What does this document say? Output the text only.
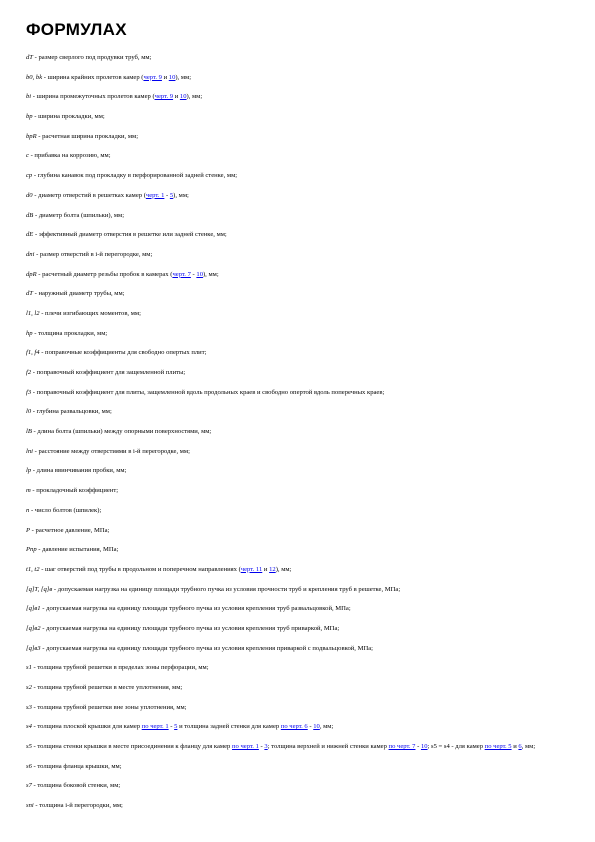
ФОРМУЛАХ
dT - размер сверлого под продувки труб, мм;
b0, bk - ширина крайних пролетов камер (черт. 9 и 10), мм;
bi - ширина промежуточных пролетов камер (черт. 9 и 10), мм;
bp - ширина прокладки, мм;
bpR - расчетная ширина прокладки, мм;
c - прибавка на коррозию, мм;
cp - глубина канавок под прокладку в перфорированной задней стенке, мм;
d0 - диаметр отверстий в решетках камер (черт. 1 - 5), мм;
dB - диаметр болта (шпильки), мм;
dE - эффективный диаметр отверстия в решетке или задней стенке, мм;
dni - размер отверстий в i-й перегородке, мм;
dpR - расчетный диаметр резьбы пробок в камерах (черт. 7 - 10), мм;
dT - наружный диаметр трубы, мм;
l1, l2 - плечи изгибающих моментов, мм;
hp - толщина прокладки, мм;
f1, f4 - поправочные коэффициенты для свободно опертых плит;
f2 - поправочный коэффициент для защемленной плиты;
f3 - поправочный коэффициент для плиты, защемленной вдоль продольных краев и свободно опертой вдоль поперечных краев;
l0 - глубина развальцовки, мм;
lB - длина болта (шпильки) между опорными поверхностями, мм;
lni - расстояние между отверстиями в i-й перегородке, мм;
lp - длина ввинчивания пробки, мм;
m - прокладочный коэффициент;
n - число болтов (шпилек);
P - расчетное давление, МПа;
Pпр - давление испытания, МПа;
t1, t2 - шаг отверстий под трубы в продольном и поперечном направлениях (черт. 11 и 12), мм;
[q]T, [q]в - допускаемая нагрузка на единицу площади трубного пучка из условия прочности труб и крепления труб в решетке, МПа;
[q]в1 - допускаемая нагрузка на единицу площади трубного пучка из условия крепления труб развальцовкой, МПа;
[q]в2 - допускаемая нагрузка на единицу площади трубного пучка из условия крепления труб приваркой, МПа;
[q]в3 - допускаемая нагрузка на единицу площади трубного пучка из условия крепления приваркой с подвальцовкой, МПа;
s1 - толщина трубной решетки в пределах зоны перфорации, мм;
s2 - толщина трубной решетки в месте уплотнения, мм;
s3 - толщина трубной решетки вне зоны уплотнения, мм;
s4 - толщина плоской крышки для камер по черт. 1 - 5 и толщина задней стенки для камер по черт. 6 - 10, мм;
s5 - толщина стенки крышки в месте присоединения к фланцу для камер по черт. 1 - 3; толщина верхней и нижней стенки камер по черт. 7 - 10; s5 = s4 - для камер по черт. 5 и 6, мм;
s6 - толщина фланца крышки, мм;
s7 - толщина боковой стенки, мм;
sni - толщина i-й перегородки, мм;
